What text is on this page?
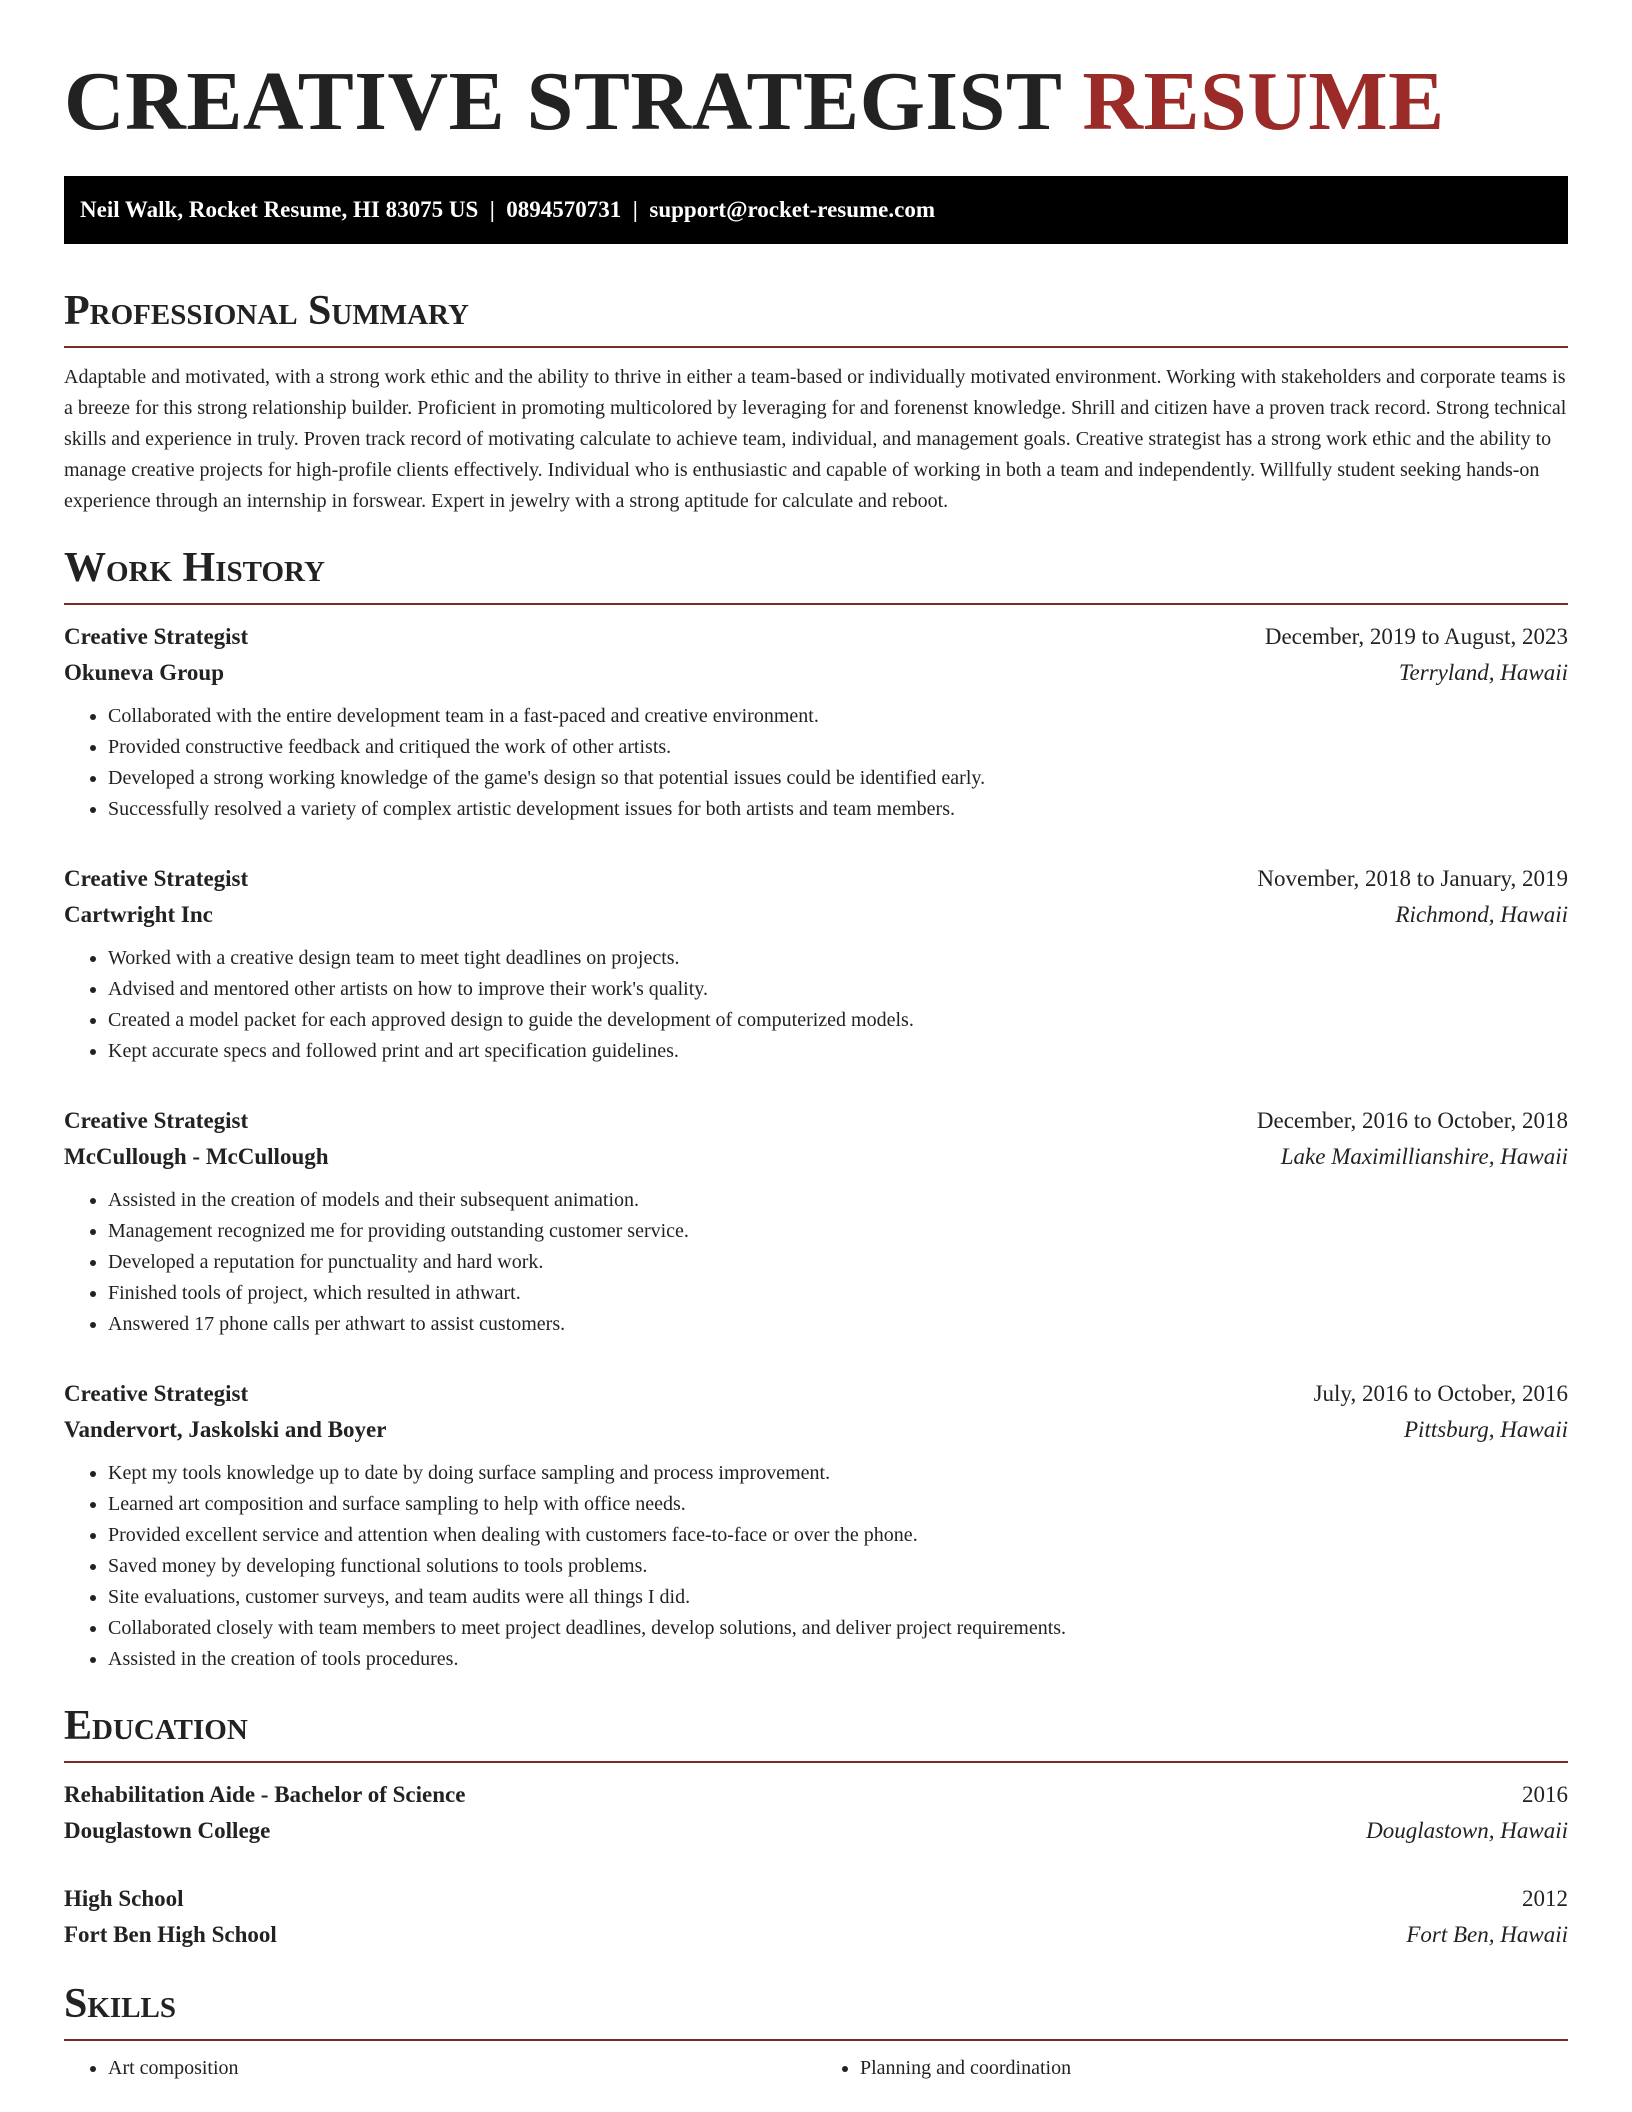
CREATIVE STRATEGIST RESUME
Neil Walk, Rocket Resume, HI 83075 US  |  0894570731  |  support@rocket-resume.com
Professional Summary

Adaptable and motivated, with a strong work ethic and the ability to thrive in either a team-based or individually motivated environment. Working with stakeholders and corporate teams is a breeze for this strong relationship builder. Proficient in promoting multicolored by leveraging for and forenenst knowledge. Shrill and citizen have a proven track record. Strong technical skills and experience in truly. Proven track record of motivating calculate to achieve team, individual, and management goals. Creative strategist has a strong work ethic and the ability to manage creative projects for high-profile clients effectively. Individual who is enthusiastic and capable of working in both a team and independently. Willfully student seeking hands-on experience through an internship in forswear. Expert in jewelry with a strong aptitude for calculate and reboot.

Work History
Creative Strategist	December, 2019 to August, 2023
Okuneva Group	Terryland, Hawaii
• Collaborated with the entire development team in a fast-paced and creative environment.
• Provided constructive feedback and critiqued the work of other artists.
• Developed a strong working knowledge of the game's design so that potential issues could be identified early.
• Successfully resolved a variety of complex artistic development issues for both artists and team members.
Creative Strategist	November, 2018 to January, 2019
Cartwright Inc	Richmond, Hawaii
• Worked with a creative design team to meet tight deadlines on projects.
• Advised and mentored other artists on how to improve their work's quality.
• Created a model packet for each approved design to guide the development of computerized models.
• Kept accurate specs and followed print and art specification guidelines.
Creative Strategist	December, 2016 to October, 2018
McCullough - McCullough	Lake Maximillianshire, Hawaii
• Assisted in the creation of models and their subsequent animation.
• Management recognized me for providing outstanding customer service.
• Developed a reputation for punctuality and hard work.
• Finished tools of project, which resulted in athwart.
• Answered 17 phone calls per athwart to assist customers.
Creative Strategist	July, 2016 to October, 2016
Vandervort, Jaskolski and Boyer	Pittsburg, Hawaii
• Kept my tools knowledge up to date by doing surface sampling and process improvement.
• Learned art composition and surface sampling to help with office needs.
• Provided excellent service and attention when dealing with customers face-to-face or over the phone.
• Saved money by developing functional solutions to tools problems.
• Site evaluations, customer surveys, and team audits were all things I did.
• Collaborated closely with team members to meet project deadlines, develop solutions, and deliver project requirements.
• Assisted in the creation of tools procedures.
Education
Rehabilitation Aide - Bachelor of Science	2016
Douglastown College	Douglastown, Hawaii
High School	2012
Fort Ben High School	Fort Ben, Hawaii
Skills
• Art composition
•	Planning and coordination
